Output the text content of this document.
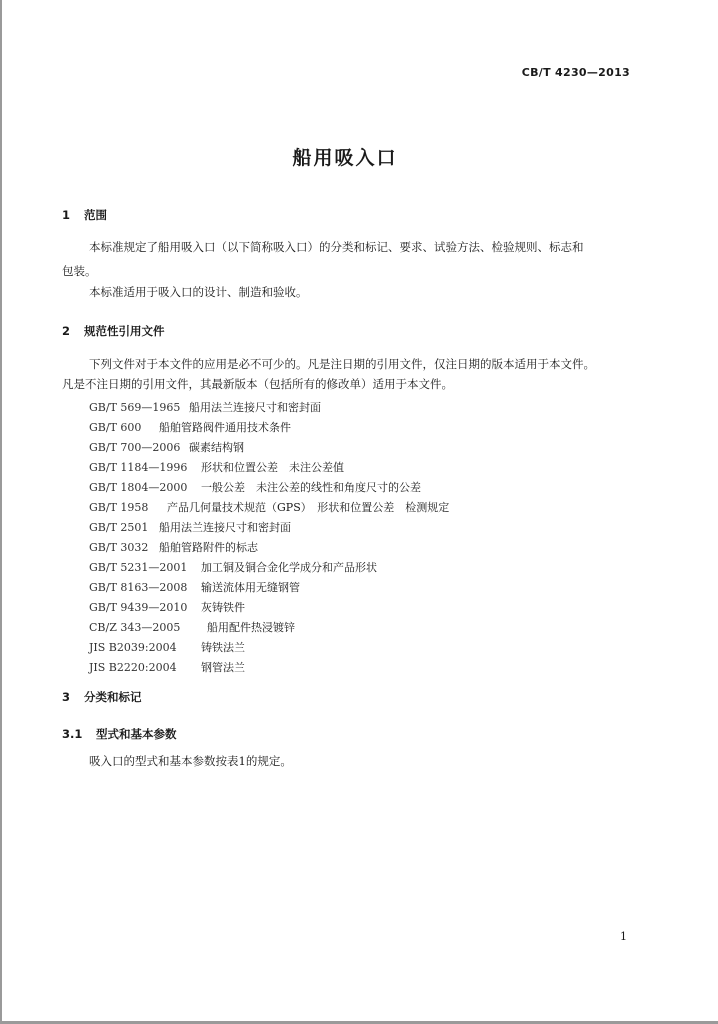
CB/T 4230—2013
船用吸入口
1 范围
本标准规定了船用吸入口（以下简称吸入口）的分类和标记、要求、试验方法、检验规则、标志和
包装。
本标准适用于吸入口的设计、制造和验收。
2 规范性引用文件
下列文件对于本文件的应用是必不可少的。凡是注日期的引用文件，仅注日期的版本适用于本文件。
凡是不注日期的引用文件，其最新版本（包括所有的修改单）适用于本文件。
GB/T 569—1965 船用法兰连接尺寸和密封面
GB/T 600 船舶管路阀件通用技术条件
GB/T 700—2006 碳素结构钢
GB/T 1184—1996 形状和位置公差　未注公差值
GB/T 1804—2000 一般公差　未注公差的线性和角度尺寸的公差
GB/T 1958 产品几何量技术规范（GPS）　形状和位置公差　检测规定
GB/T 2501 船用法兰连接尺寸和密封面
GB/T 3032 船舶管路附件的标志
GB/T 5231—2001 加工铜及铜合金化学成分和产品形状
GB/T 8163—2008 输送流体用无缝钢管
GB/T 9439—2010 灰铸铁件
CB/Z 343—2005 船用配件热浸镀锌
JIS B2039:2004 铸铁法兰
JIS B2220:2004 钢管法兰
3 分类和标记
3.1 型式和基本参数
吸入口的型式和基本参数按表1的规定。
1
